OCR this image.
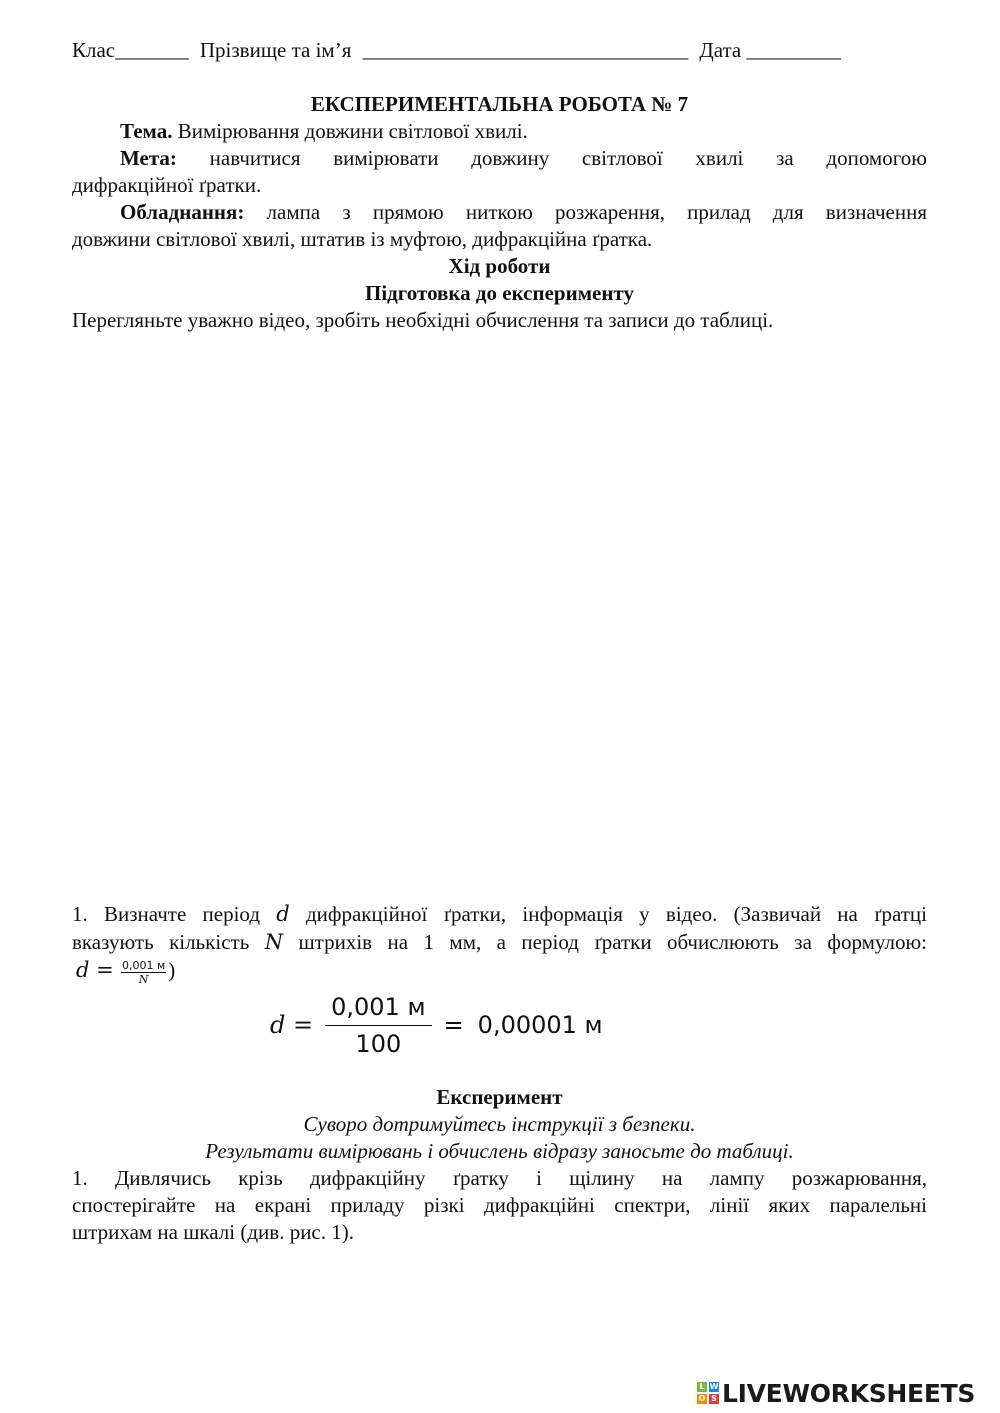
Клас_______ Прізвище та ім’я _______________________________ Дата _________
ЕКСПЕРИМЕНТАЛЬНА РОБОТА № 7
Тема. Вимірювання довжини світлової хвилі.
Мета: навчитися вимірювати довжину світлової хвилі за допомогою
дифракційної ґратки.
Обладнання: лампа з прямою ниткою розжарення, прилад для визначення
довжини світлової хвилі, штатив із муфтою, дифракційна ґратка.
Хід роботи
Підготовка до експерименту
Перегляньте уважно відео, зробіть необхідні обчислення та записи до таблиці.
1. Визначте період d дифракційної ґратки, інформація у відео. (Зазвичай на ґратці
вказують кількість N штрихів на 1 мм, а період ґратки обчислюють за формулою:
$d = \frac{0,001 м}{N}$ )
Експеримент
Суворо дотримуйтесь інструкції з безпеки.
Результати вимірювань і обчислень відразу заносьте до таблиці.
1. Дивлячись крізь дифракційну ґратку і щілину на лампу розжарювання,
спостерігайте на екрані приладу різкі дифракційні спектри, лінії яких паралельні
штрихам на шкалі (див. рис. 1).
$d = \frac{0,001 м}{100} = 0,00001$ м
L W
O S LIVEWORKSHEETS
